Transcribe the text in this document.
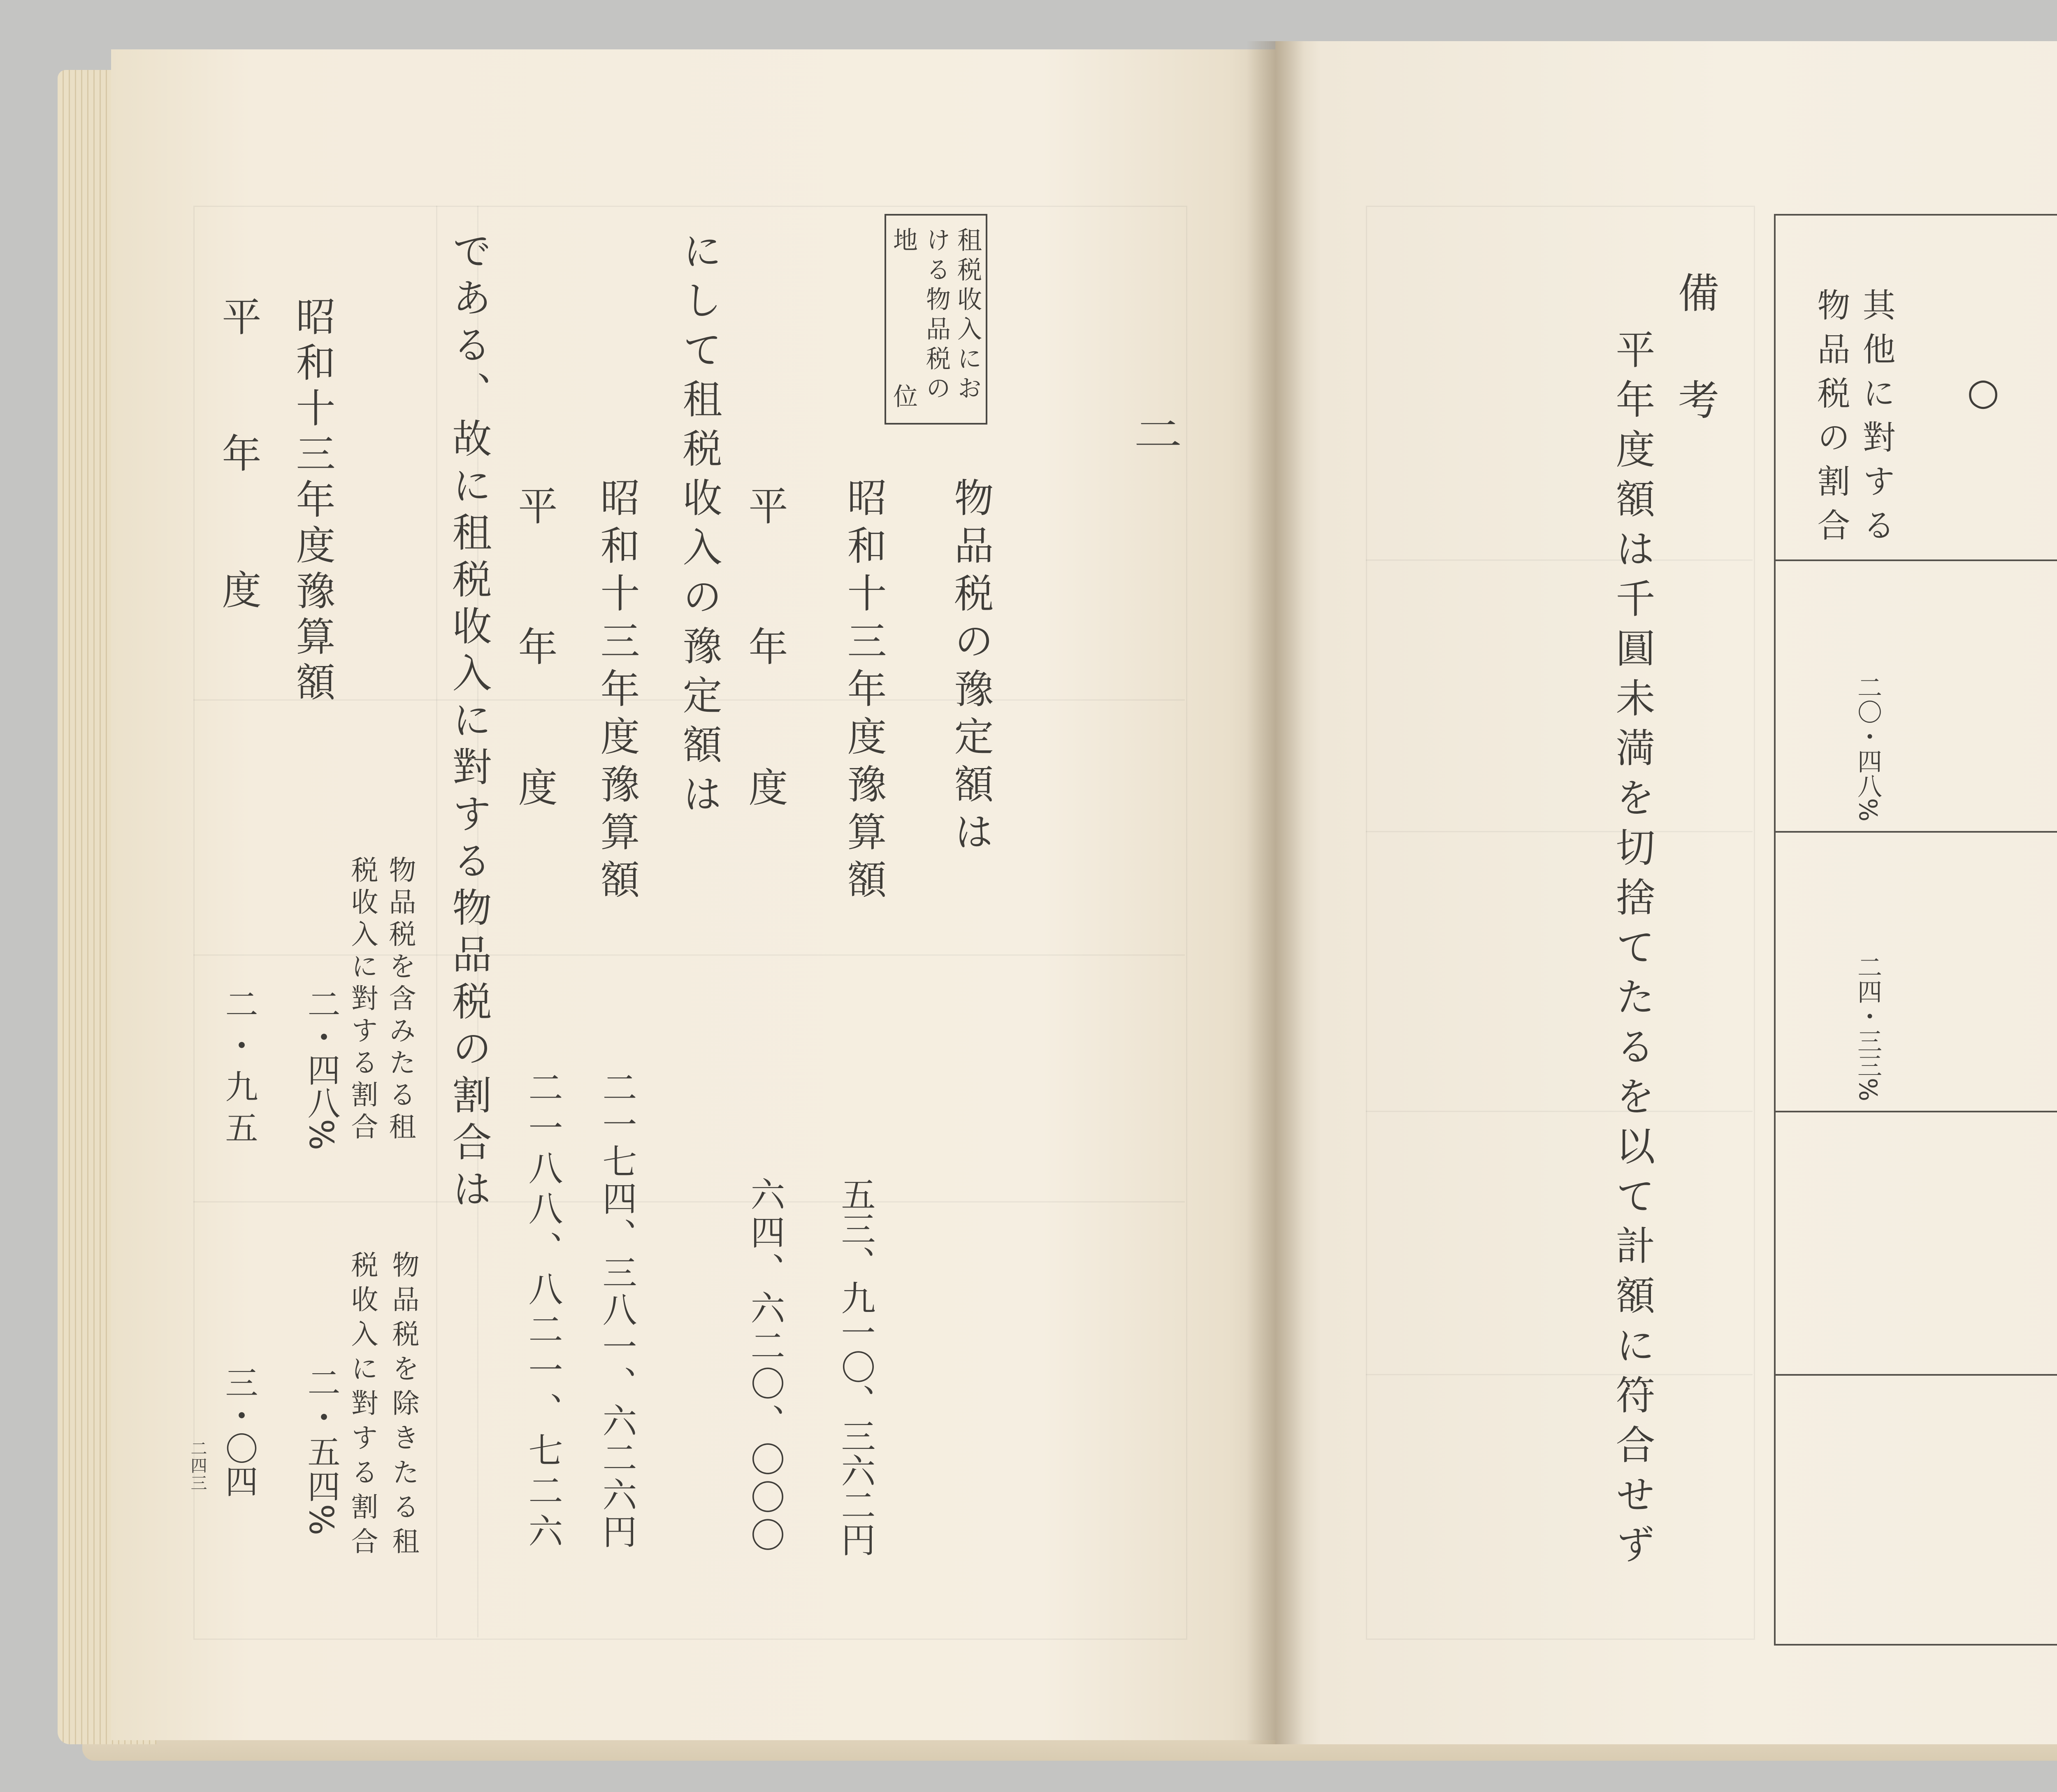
租税收入にお
ける物品税の
地位	二
物品税の豫定額は
昭和十三年度豫算額
五三、九一〇、三六二円
平年度
六四、六二〇、〇〇〇
にして租税收入の豫定額は
昭和十三年度豫算額
二一七四、三八一、六二六円
平年度
二一八八、八二一、七二六
である、故に租税收入に對する物品税の割合は
物品税を含みたる租
税收入に對する割合
二・四八%
物品税を除きたる租
税收入に對する割合
二・五四%
昭和十三年度豫算額
平年度
二・九五
三・〇四
二四三
○
其他に對する
物品税の割合
二〇・四八%
二四・三三%
備考
平年度額は千圓未満を切捨てたるを以て計額に符合せず
